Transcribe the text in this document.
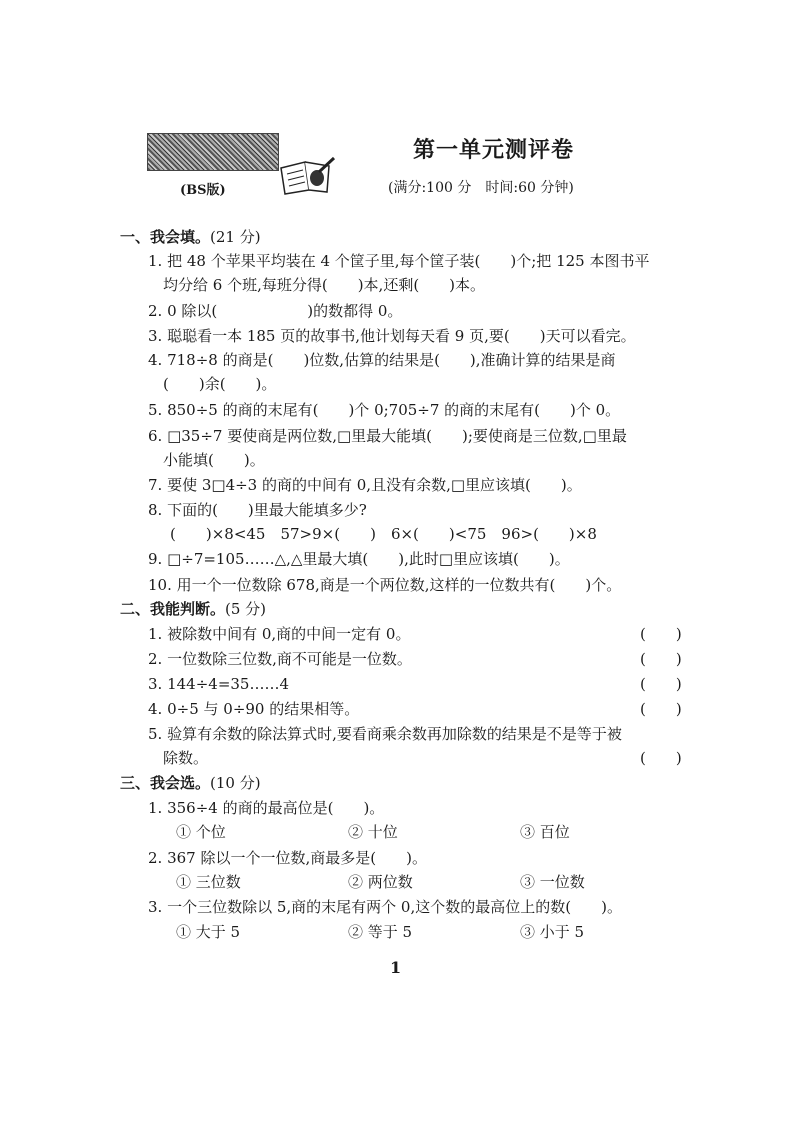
(BS版)
第一单元测评卷
(满分:100 分　时间:60 分钟)
一、我会填。(21 分)
1. 把 48 个苹果平均装在 4 个筐子里,每个筐子装(　　)个;把 125 本图书平
均分给 6 个班,每班分得(　　)本,还剩(　　)本。
2. 0 除以(　　　　　　)的数都得 0。
3. 聪聪看一本 185 页的故事书,他计划每天看 9 页,要(　　)天可以看完。
4. 718÷8 的商是(　　)位数,估算的结果是(　　),准确计算的结果是商
(　　)余(　　)。
5. 850÷5 的商的末尾有(　　)个 0;705÷7 的商的末尾有(　　)个 0。
6. □35÷7 要使商是两位数,□里最大能填(　　);要使商是三位数,□里最
小能填(　　)。
7. 要使 3□4÷3 的商的中间有 0,且没有余数,□里应该填(　　)。
8. 下面的(　　)里最大能填多少?
(　　)×8<45　57>9×(　　)　6×(　　)<75　96>(　　)×8
9. □÷7=105……△,△里最大填(　　),此时□里应该填(　　)。
10. 用一个一位数除 678,商是一个两位数,这样的一位数共有(　　)个。
二、我能判断。(5 分)
1. 被除数中间有 0,商的中间一定有 0。	(　　)
2. 一位数除三位数,商不可能是一位数。	(　　)
3. 144÷4=35……4	(　　)
4. 0÷5 与 0÷90 的结果相等。	(　　)
5. 验算有余数的除法算式时,要看商乘余数再加除数的结果是不是等于被
除数。	(　　)
三、我会选。(10 分)
1. 356÷4 的商的最高位是(　　)。
① 个位	② 十位	③ 百位
2. 367 除以一个一位数,商最多是(　　)。
① 三位数	② 两位数	③ 一位数
3. 一个三位数除以 5,商的末尾有两个 0,这个数的最高位上的数(　　)。
① 大于 5	② 等于 5	③ 小于 5
1
